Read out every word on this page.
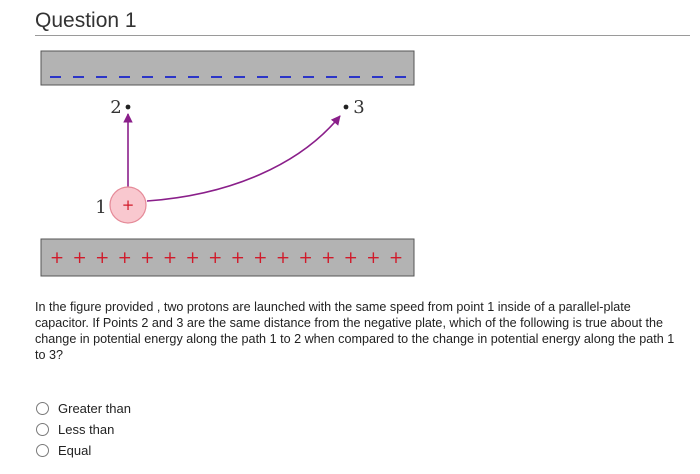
Question 1
+ + + + + + + + + + + + + + + +
+
1
2	3
In the figure provided , two protons are launched with the same speed from point 1 inside of a parallel-plate capacitor. If Points 2 and 3 are the same distance from the negative plate, which of the following is true about the change in potential energy along the path 1 to 2 when compared to the change in potential energy along the path 1 to 3?
Greater than
Less than
Equal
